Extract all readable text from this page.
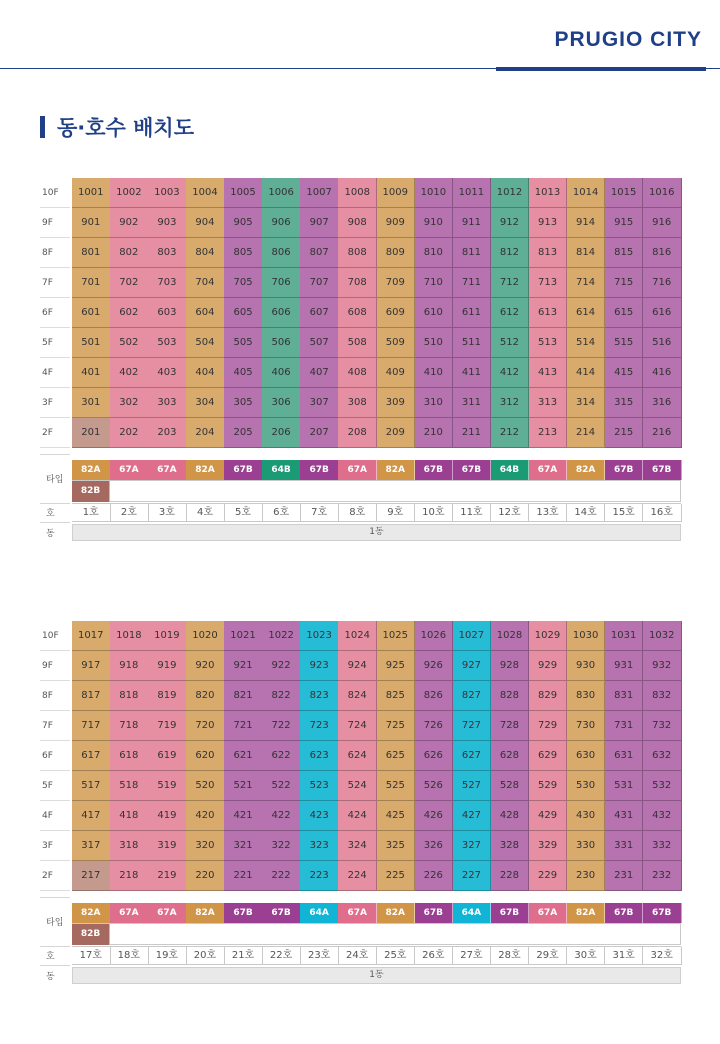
PRUGIO CITY
동·호수 배치도
10F	1001	1002	1003	1004	1005	1006	1007	1008	1009	1010	1011	1012	1013	1014	1015	1016
9F	901	902	903	904	905	906	907	908	909	910	911	912	913	914	915	916
8F	801	802	803	804	805	806	807	808	809	810	811	812	813	814	815	816
7F	701	702	703	704	705	706	707	708	709	710	711	712	713	714	715	716
6F	601	602	603	604	605	606	607	608	609	610	611	612	613	614	615	616
5F	501	502	503	504	505	506	507	508	509	510	511	512	513	514	515	516
4F	401	402	403	404	405	406	407	408	409	410	411	412	413	414	415	416
3F	301	302	303	304	305	306	307	308	309	310	311	312	313	314	315	316
2F	201	202	203	204	205	206	207	208	209	210	211	212	213	214	215	216
타입
82A	67A	67A	82A	67B	64B	67B	67A	82A	67B	67B	64B	67A	82A	67B	67B
82B
호	1호	2호	3호	4호	5호	6호	7호	8호	9호	10호	11호	12호	13호	14호	15호	16호
동	1동
10F	1017	1018	1019	1020	1021	1022	1023	1024	1025	1026	1027	1028	1029	1030	1031	1032
9F	917	918	919	920	921	922	923	924	925	926	927	928	929	930	931	932
8F	817	818	819	820	821	822	823	824	825	826	827	828	829	830	831	832
7F	717	718	719	720	721	722	723	724	725	726	727	728	729	730	731	732
6F	617	618	619	620	621	622	623	624	625	626	627	628	629	630	631	632
5F	517	518	519	520	521	522	523	524	525	526	527	528	529	530	531	532
4F	417	418	419	420	421	422	423	424	425	426	427	428	429	430	431	432
3F	317	318	319	320	321	322	323	324	325	326	327	328	329	330	331	332
2F	217	218	219	220	221	222	223	224	225	226	227	228	229	230	231	232
타입
82A	67A	67A	82A	67B	67B	64A	67A	82A	67B	64A	67B	67A	82A	67B	67B
82B
호	17호	18호	19호	20호	21호	22호	23호	24호	25호	26호	27호	28호	29호	30호	31호	32호
동	1동
